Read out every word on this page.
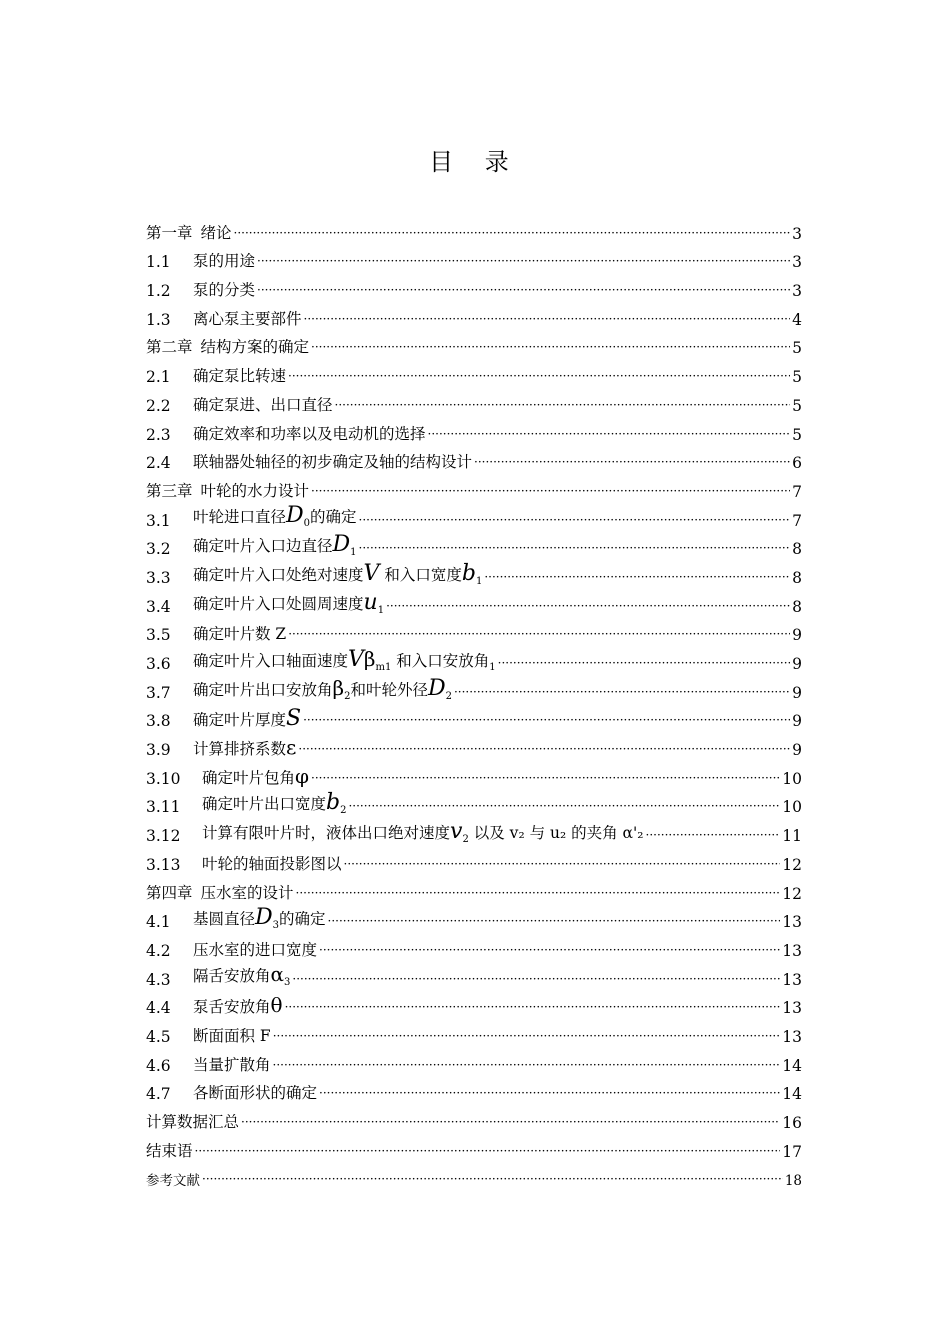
目 录
第一章 绪论 ·····	3
1.1	泵的用途 ·····	3
1.2	泵的分类 ·····	3
1.3	离心泵主要部件 ·····	4
第二章 结构方案的确定 ·····	5
2.1	确定泵比转速 ·····	5
2.2	确定泵进、出口直径 ·····	5
2.3	确定效率和功率以及电动机的选择 ·····	5
2.4	联轴器处轴径的初步确定及轴的结构设计 ·····	6
第三章 叶轮的水力设计 ·····	7
3.1	叶轮进口直径$D_0$的确定 ·····	7
3.2	确定叶片入口边直径$D_1$ ·····	8
3.3	确定叶片入口处绝对速度V 和入口宽度$b_1$ ·····	8
3.4	确定叶片入口处圆周速度$u_1$ ·····	8
3.5	确定叶片数 Z ·····	9
3.6	确定叶片入口轴面速度$V\beta_{m1}$ 和入口安放角$_1$ ·····	9
3.7	确定叶片出口安放角$\beta_2$和叶轮外径$D_2$ ·····	9
3.8	确定叶片厚度S ·····	9
3.9	计算排挤系数ε ·····	9
3.10	确定叶片包角φ ·····	10
3.11	确定叶片出口宽度$b_2$ ·····	10
3.12	计算有限叶片时，液体出口绝对速度$v_2$ 以及 v₂ 与 u₂ 的夹角 α'₂ ·····	11
3.13	叶轮的轴面投影图以 ·····	12
第四章 压水室的设计 ·····	12
4.1	基圆直径$D_3$的确定 ·····	13
4.2	压水室的进口宽度 ·····	13
4.3	隔舌安放角$\alpha_3$ ·····	13
4.4	泵舌安放角θ ·····	13
4.5	断面面积 F ·····	13
4.6	当量扩散角 ·····	14
4.7	各断面形状的确定 ·····	14
计算数据汇总 ·····	16
结束语 ·····	17
参考文献 ·····	18
